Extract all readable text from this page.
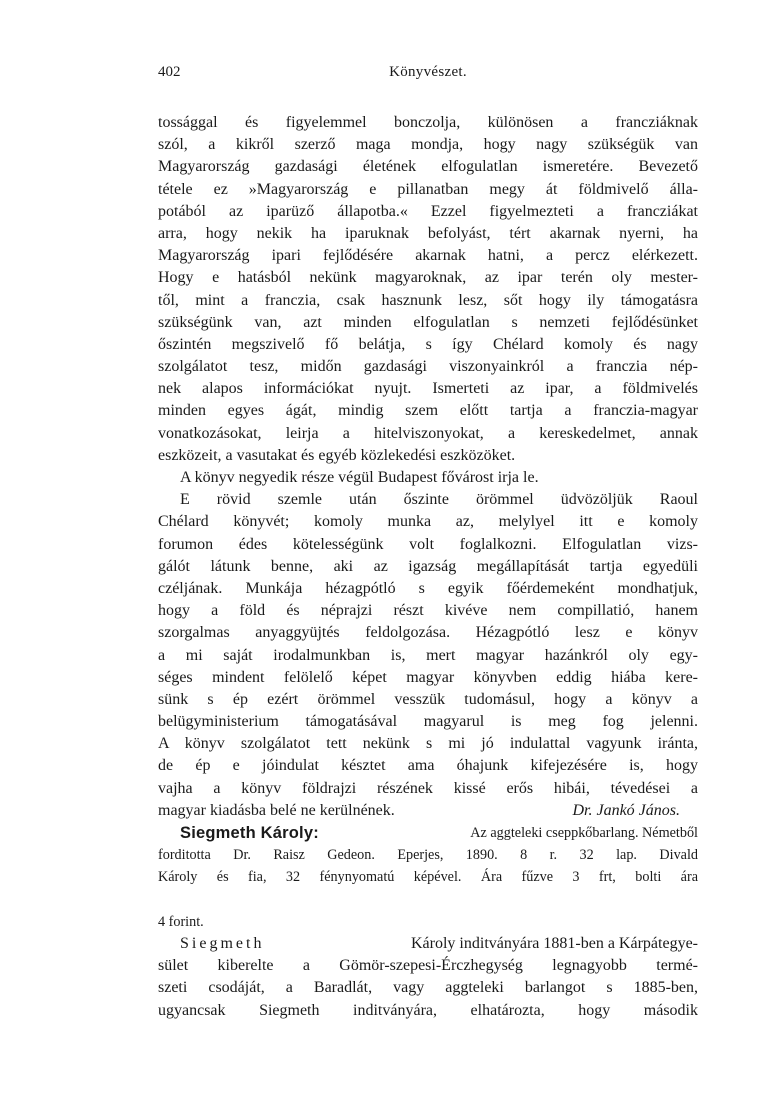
402	Könyvészet.
tossággal és figyelemmel bonczolja, különösen a francziáknak
szól, a kikről szerző maga mondja, hogy nagy szükségük van
Magyarország gazdasági életének elfogulatlan ismeretére. Bevezető
tétele ez »Magyarország e pillanatban megy át földmivelő álla-
potából az iparüző állapotba.« Ezzel figyelmezteti a francziákat
arra, hogy nekik ha iparuknak befolyást, tért akarnak nyerni, ha
Magyarország ipari fejlődésére akarnak hatni, a percz elérkezett.
Hogy e hatásból nekünk magyaroknak, az ipar terén oly mester-
től, mint a franczia, csak hasznunk lesz, sőt hogy ily támogatásra
szükségünk van, azt minden elfogulatlan s nemzeti fejlődésünket
őszintén megszivelő fő belátja, s így Chélard komoly és nagy
szolgálatot tesz, midőn gazdasági viszonyainkról a franczia nép-
nek alapos információkat nyujt. Ismerteti az ipar, a földmivelés
minden egyes ágát, mindig szem előtt tartja a franczia-magyar
vonatkozásokat, leirja a hitelviszonyokat, a kereskedelmet, annak
eszközeit, a vasutakat és egyéb közlekedési eszközöket.
A könyv negyedik része végül Budapest fővárost irja le.
E rövid szemle után őszinte örömmel üdvözöljük Raoul
Chélard könyvét; komoly munka az, melylyel itt e komoly
forumon édes kötelességünk volt foglalkozni. Elfogulatlan vizs-
gálót látunk benne, aki az igazság megállapítását tartja egyedüli
czéljának. Munkája hézagpótló s egyik főérdemeként mondhatjuk,
hogy a föld és néprajzi részt kivéve nem compillatió, hanem
szorgalmas anyaggyüjtés feldolgozása. Hézagpótló lesz e könyv
a mi saját irodalmunkban is, mert magyar hazánkról oly egy-
séges mindent felölelő képet magyar könyvben eddig hiába kere-
sünk s ép ezért örömmel vesszük tudomásul, hogy a könyv a
belügyministerium támogatásával magyarul is meg fog jelenni.
A könyv szolgálatot tett nekünk s mi jó indulattal vagyunk iránta,
de ép e jóindulat késztet ama óhajunk kifejezésére is, hogy
vajha a könyv földrajzi részének kissé erős hibái, tévedései a
magyar kiadásba belé ne kerülnének.	Dr. Jankó János.
Siegmeth Károly:	Az aggteleki cseppkőbarlang. Németből
forditotta Dr. Raisz Gedeon. Eperjes, 1890. 8 r. 32 lap. Divald
Károly és fia, 32 fénynyomatú képével. Ára fűzve 3 frt, bolti ára
4 forint.
Siegmeth	Károly inditványára 1881-ben a Kárpátegye-
sület kiberelte a Gömör-szepesi-Érczhegység legnagyobb termé-
szeti csodáját, a Baradlát, vagy aggteleki barlangot s 1885-ben,
ugyancsak Siegmeth inditványára, elhatározta, hogy második
